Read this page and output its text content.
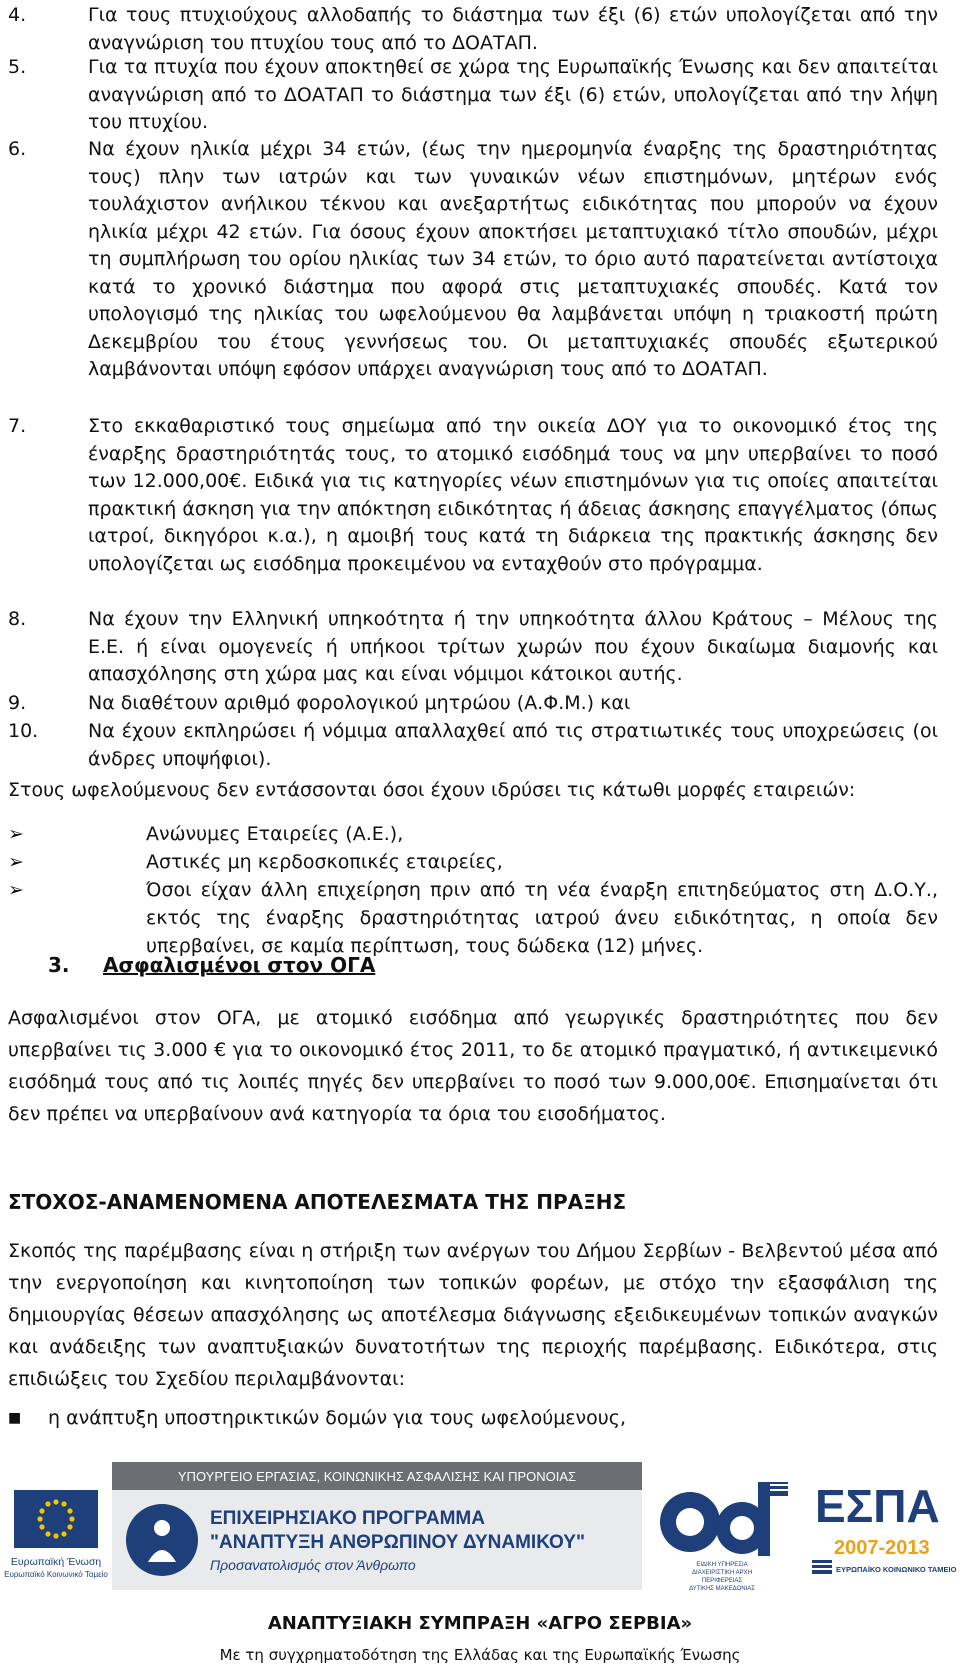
4.	Για τους πτυχιούχους αλλοδαπής το διάστημα των έξι (6) ετών υπολογίζεται από την αναγνώριση του πτυχίου τους από το ΔΟΑΤΑΠ.
5.	Για τα πτυχία που έχουν αποκτηθεί σε χώρα της Ευρωπαϊκής Ένωσης και δεν απαιτείται αναγνώριση από το ΔΟΑΤΑΠ το διάστημα των έξι (6) ετών, υπολογίζεται από την λήψη του πτυχίου.
6.	Να έχουν ηλικία μέχρι 34 ετών, (έως την ημερομηνία έναρξης της δραστηριότητας τους) πλην των ιατρών και των γυναικών νέων επιστημόνων, μητέρων ενός τουλάχιστον ανήλικου τέκνου και ανεξαρτήτως ειδικότητας που μπορούν να έχουν ηλικία μέχρι 42 ετών. Για όσους έχουν αποκτήσει μεταπτυχιακό τίτλο σπουδών, μέχρι τη συμπλήρωση του ορίου ηλικίας των 34 ετών, το όριο αυτό παρατείνεται αντίστοιχα κατά το χρονικό διάστημα που αφορά στις μεταπτυχιακές σπουδές. Κατά τον υπολογισμό της ηλικίας του ωφελούμενου θα λαμβάνεται υπόψη η τριακοστή πρώτη Δεκεμβρίου του έτους γεννήσεως του. Οι μεταπτυχιακές σπουδές εξωτερικού λαμβάνονται υπόψη εφόσον υπάρχει αναγνώριση τους από το ΔΟΑΤΑΠ.
7.	Στο εκκαθαριστικό τους σημείωμα από την οικεία ΔΟΥ για το οικονομικό έτος της έναρξης δραστηριότητάς τους, το ατομικό εισόδημά τους να μην υπερβαίνει το ποσό των 12.000,00€. Ειδικά για τις κατηγορίες νέων επιστημόνων για τις οποίες απαιτείται πρακτική άσκηση για την απόκτηση ειδικότητας ή άδειας άσκησης επαγγέλματος (όπως ιατροί, δικηγόροι κ.α.), η αμοιβή τους κατά τη διάρκεια της πρακτικής άσκησης δεν υπολογίζεται ως εισόδημα προκειμένου να ενταχθούν στο πρόγραμμα.
8.	Να έχουν την Ελληνική υπηκοότητα ή την υπηκοότητα άλλου Κράτους – Μέλους της Ε.Ε. ή είναι ομογενείς ή υπήκοοι τρίτων χωρών που έχουν δικαίωμα διαμονής και απασχόλησης στη χώρα μας και είναι νόμιμοι κάτοικοι αυτής.
9.	Να διαθέτουν αριθμό φορολογικού μητρώου (Α.Φ.Μ.) και
10.	Να έχουν εκπληρώσει ή νόμιμα απαλλαχθεί από τις στρατιωτικές τους υποχρεώσεις (οι άνδρες υποψήφιοι).
Στους ωφελούμενους δεν εντάσσονται όσοι έχουν ιδρύσει τις κάτωθι μορφές εταιρειών:
➢	Ανώνυμες Εταιρείες (Α.Ε.),
➢	Αστικές μη κερδοσκοπικές εταιρείες,
➢	Όσοι είχαν άλλη επιχείρηση πριν από τη νέα έναρξη επιτηδεύματος στη Δ.Ο.Υ., εκτός της έναρξης δραστηριότητας ιατρού άνευ ειδικότητας, η οποία δεν υπερβαίνει, σε καμία περίπτωση, τους δώδεκα (12) μήνες.
3. Ασφαλισμένοι στον ΟΓΑ
Ασφαλισμένοι στον ΟΓΑ, με ατομικό εισόδημα από γεωργικές δραστηριότητες που δεν υπερβαίνει τις 3.000 € για το οικονομικό έτος 2011, το δε ατομικό πραγματικό, ή αντικειμενικό εισόδημά τους από τις λοιπές πηγές δεν υπερβαίνει το ποσό των 9.000,00€. Επισημαίνεται ότι δεν πρέπει να υπερβαίνουν ανά κατηγορία τα όρια του εισοδήματος.
ΣΤΟΧΟΣ-ΑΝΑΜΕΝΟΜΕΝΑ ΑΠΟΤΕΛΕΣΜΑΤΑ ΤΗΣ ΠΡΑΞΗΣ
Σκοπός της παρέμβασης είναι η στήριξη των ανέργων του Δήμου Σερβίων - Βελβεντού μέσα από την ενεργοποίηση και κινητοποίηση των τοπικών φορέων, με στόχο την εξασφάλιση της δημιουργίας θέσεων απασχόλησης ως αποτέλεσμα διάγνωσης εξειδικευμένων τοπικών αναγκών και ανάδειξης των αναπτυξιακών δυνατοτήτων της περιοχής παρέμβασης. Ειδικότερα, στις επιδιώξεις του Σχεδίου περιλαμβάνονται:
■ η ανάπτυξη υποστηρικτικών δομών για τους ωφελούμενους,
Ευρωπαϊκή Ένωση
Ευρωπαϊκό Κοινωνικό Ταμείο
ΥΠΟΥΡΓΕΙΟ ΕΡΓΑΣΙΑΣ, ΚΟΙΝΩΝΙΚΗΣ ΑΣΦΑΛΙΣΗΣ ΚΑΙ ΠΡΟΝΟΙΑΣ
ΕΠΙΧΕΙΡΗΣΙΑΚΟ ΠΡΟΓΡΑΜΜΑ
"ΑΝΑΠΤΥΞΗ ΑΝΘΡΩΠΙΝΟΥ ΔΥΝΑΜΙΚΟΥ"
Προσανατολισμός στον Άνθρωπο	ΕΙΔΙΚΗ ΥΠΗΡΕΣΙΑ
ΔΙΑΧΕΙΡΙΣΤΙΚΗ ΑΡΧΗ
ΠΕΡΙΦΕΡΕΙΑΣ
ΔΥΤΙΚΗΣ ΜΑΚΕΔΟΝΙΑΣ
ΕΣΠΑ
2007-2013
ΕΥΡΩΠΑΪΚΟ ΚΟΙΝΩΝΙΚΟ ΤΑΜΕΙΟ
ΑΝΑΠΤΥΞΙΑΚΗ ΣΥΜΠΡΑΞΗ «ΑΓΡΟ ΣΕΡΒΙΑ»
Με τη συγχρηματοδότηση της Ελλάδας και της Ευρωπαϊκής Ένωσης
